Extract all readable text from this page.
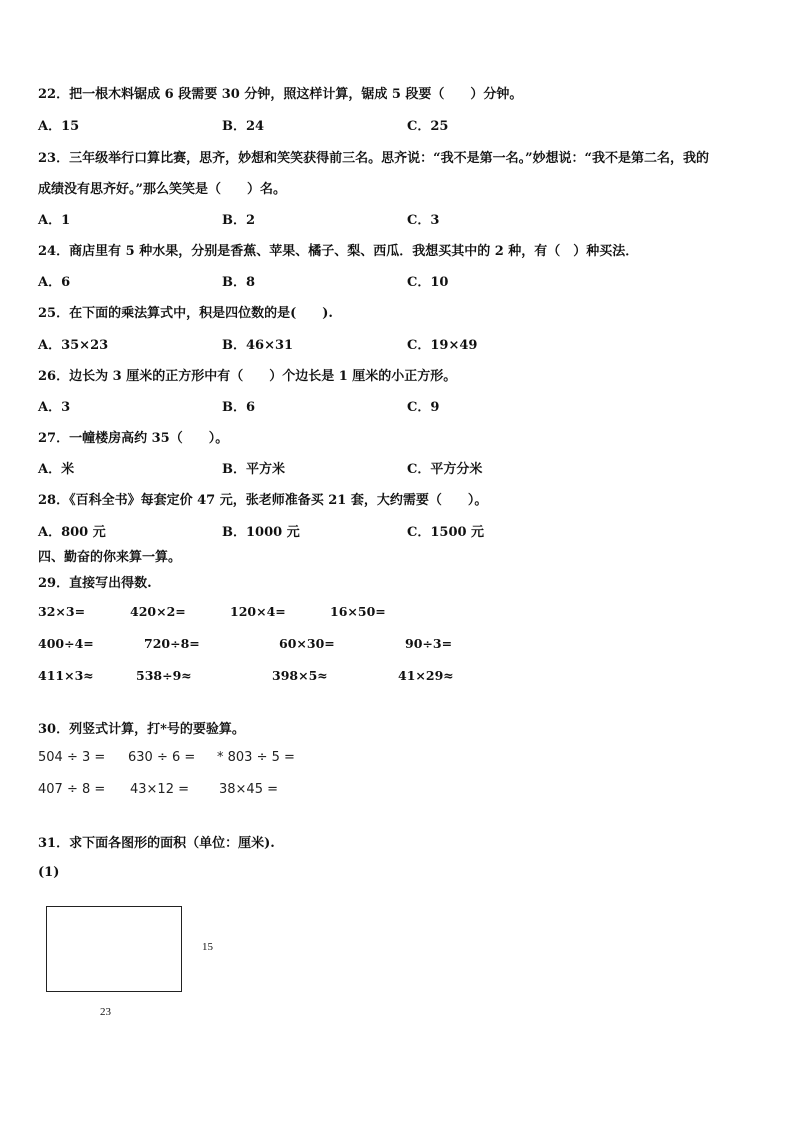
22．把一根木料锯成 6 段需要 30 分钟，照这样计算，锯成 5 段要（　　）分钟。
A．15	B．24	C．25
23．三年级举行口算比赛，思齐，妙想和笑笑获得前三名。思齐说：“我不是第一名。”妙想说：“我不是第二名，我的
成绩没有思齐好。”那么笑笑是（　　）名。
A．1	B．2	C．3
24．商店里有 5 种水果，分别是香蕉、苹果、橘子、梨、西瓜．我想买其中的 2 种，有（　）种买法．
A．6	B．8	C．10
25．在下面的乘法算式中，积是四位数的是(　　).
A．35×23	B．46×31	C．19×49
26．边长为 3 厘米的正方形中有（　　）个边长是 1 厘米的小正方形。
A．3	B．6	C．9
27．一幢楼房高约 35（　　）。
A．米	B．平方米	C．平方分米
28．《百科全书》每套定价 47 元，张老师准备买 21 套，大约需要（　　）。
A．800 元	B．1000 元	C．1500 元
四、勤奋的你来算一算。
29．直接写出得数.
32×3=	420×2=	120×4=	16×50=
400÷4=	720÷8=	60×30=	90÷3=
411×3≈	538÷9≈	398×5≈	41×29≈
30．列竖式计算，打*号的要验算。
504 ÷ 3 = 630 ÷ 6 = * 803 ÷ 5 =
407 ÷ 8 = 43×12 = 38×45 =
31．求下面各图形的面积（单位：厘米).
(1)
15
23
